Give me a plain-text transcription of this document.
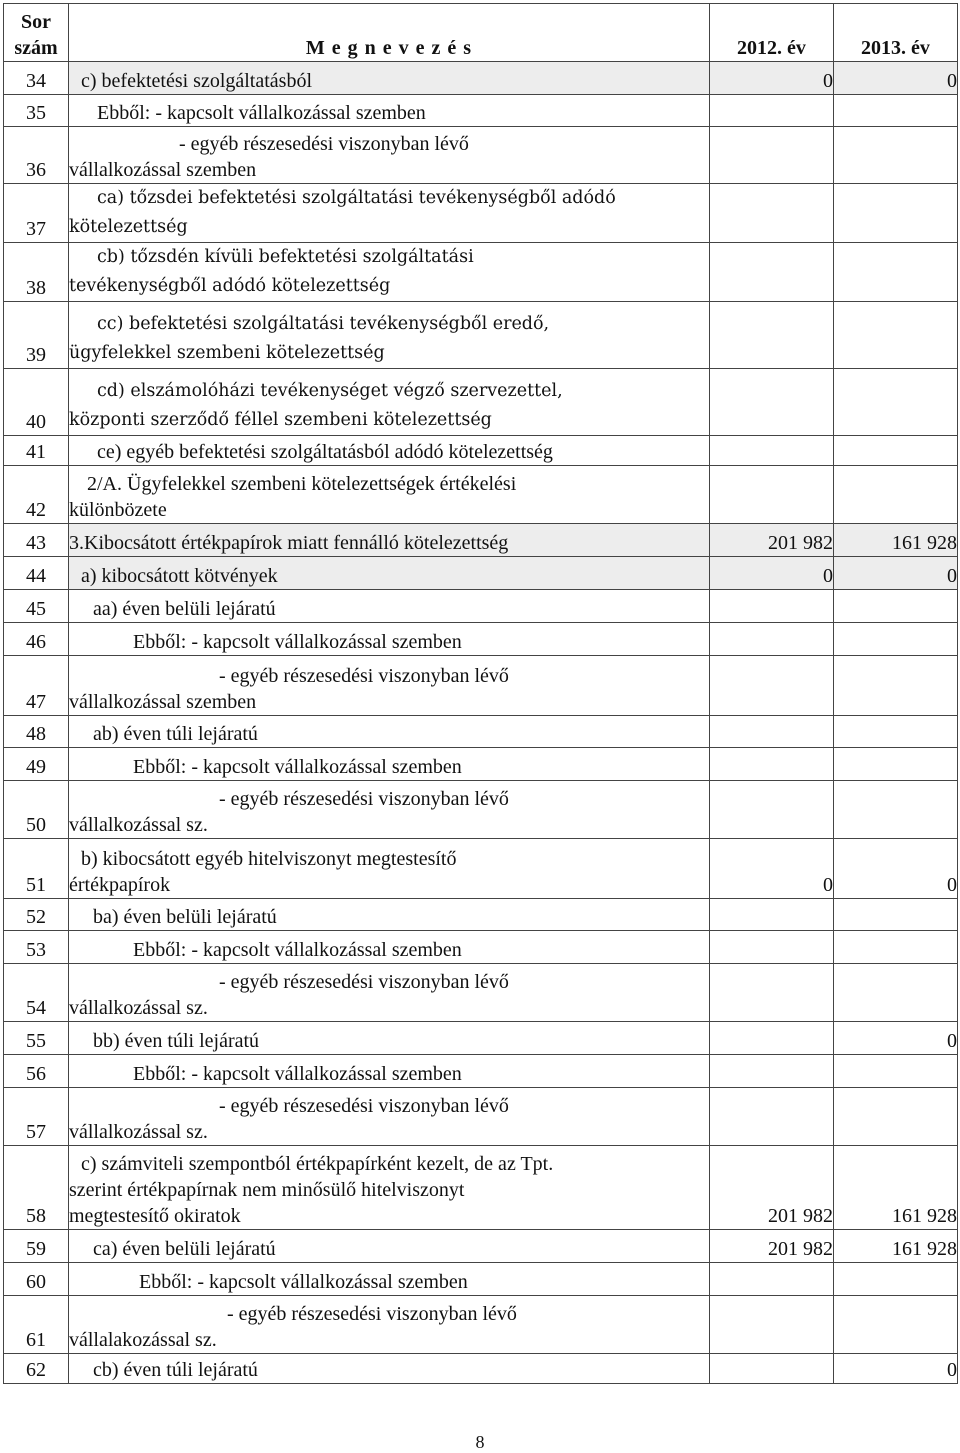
Sor szám	M e g n e v e z é s	2012. év	2013. év
34	c) befektetési szolgáltatásból	0	0
35	Ebből: - kapcsolt vállalkozással szemben		

36	- egyéb részesedési viszonyban lévő
vállalkozással szemben		

37	ca) tőzsdei befektetési szolgáltatási tevékenységből adódó
kötelezettség		

38	cb) tőzsdén kívüli befektetési szolgáltatási
tevékenységből adódó kötelezettség		

39	cc) befektetési szolgáltatási tevékenységből eredő,
ügyfelekkel szembeni kötelezettség		

40	cd) elszámolóházi tevékenységet végző szervezettel,
központi szerződő féllel szembeni kötelezettség		

41	ce) egyéb befektetési szolgáltatásból adódó kötelezettség		

42	2/A. Ügyfelekkel szembeni kötelezettségek értékelési
különbözete		

43	3.Kibocsátott értékpapírok miatt fennálló kötelezettség	201 982	161 928
44	a) kibocsátott kötvények	0	0
45	aa) éven belüli lejáratú		

46	Ebből: - kapcsolt vállalkozással szemben		

47	- egyéb részesedési viszonyban lévő
vállalkozással szemben		

48	ab) éven túli lejáratú		

49	Ebből: - kapcsolt vállalkozással szemben		

50	- egyéb részesedési viszonyban lévő
vállalkozással sz.		

51	b) kibocsátott egyéb hitelviszonyt megtestesítő
értékpapírok	0	0
52	ba) éven belüli lejáratú		

53	Ebből: - kapcsolt vállalkozással szemben		

54	- egyéb részesedési viszonyban lévő
vállalkozással sz.		

55	bb) éven túli lejáratú		0
56	Ebből: - kapcsolt vállalkozással szemben		

57	- egyéb részesedési viszonyban lévő
vállalkozással sz.		

58	c) számviteli szempontból értékpapírként kezelt, de az Tpt.
szerint értékpapírnak nem minősülő hitelviszonyt
megtestesítő okiratok	201 982	161 928
59	ca) éven belüli lejáratú	201 982	161 928
60	Ebből: - kapcsolt vállalkozással szemben		

61	- egyéb részesedési viszonyban lévő
vállalakozással sz.		

62	cb) éven túli lejáratú		0
8
